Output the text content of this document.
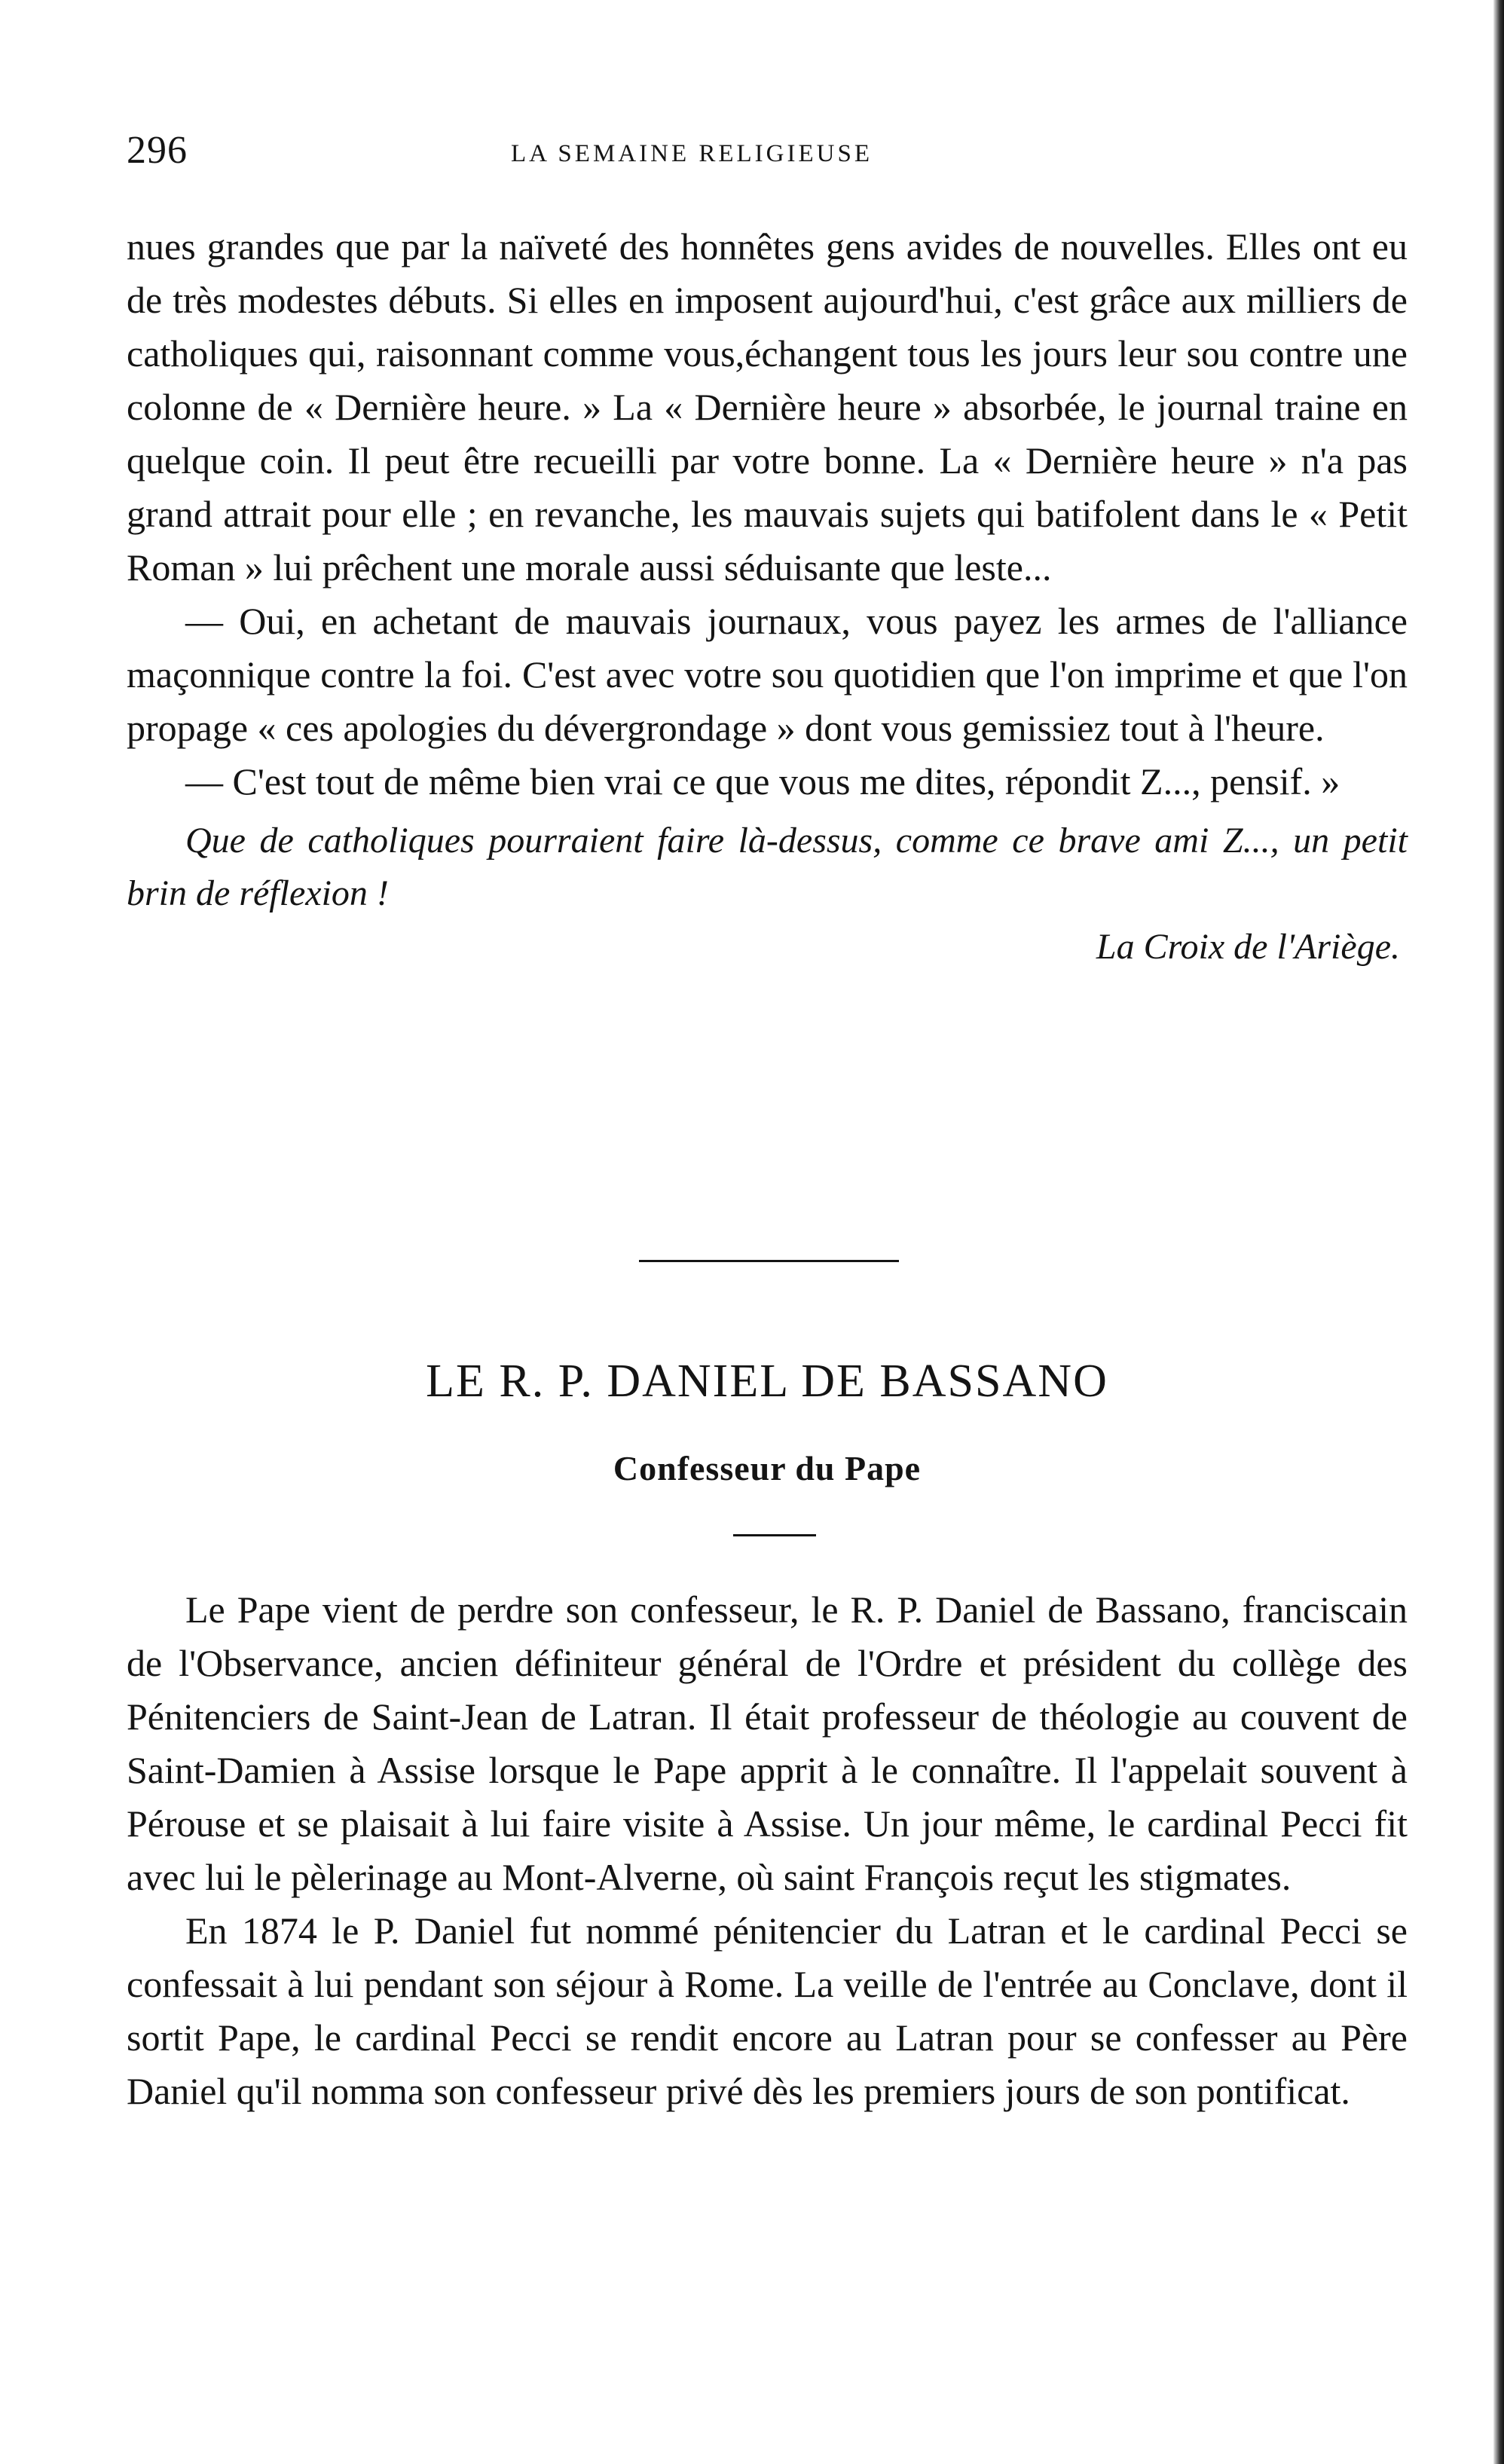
296	LA SEMAINE RELIGIEUSE

nues grandes que par la naïveté des honnêtes gens avides de nouvelles. Elles ont eu de très modestes débuts. Si elles en imposent aujourd'hui, c'est grâce aux milliers de catholiques qui, raisonnant comme vous,échangent tous les jours leur sou contre une colonne de « Dernière heure. » La « Dernière heure » absorbée, le journal traine en quelque coin. Il peut être recueilli par votre bonne. La « Dernière heure » n'a pas grand attrait pour elle ; en revanche, les mauvais sujets qui batifolent dans le « Petit Roman » lui prêchent une morale aussi séduisante que leste...

— Oui, en achetant de mauvais journaux, vous payez les armes de l'alliance maçonnique contre la foi. C'est avec votre sou quotidien que l'on imprime et que l'on propage « ces apologies du dévergrondage » dont vous gemissiez tout à l'heure.

— C'est tout de même bien vrai ce que vous me dites, répondit Z..., pensif. »

Que de catholiques pourraient faire là-dessus, comme ce brave ami Z..., un petit brin de réflexion !

La Croix de l'Ariège.

LE R. P. DANIEL DE BASSANO
Confesseur du Pape

Le Pape vient de perdre son confesseur, le R. P. Daniel de Bassano, franciscain de l'Observance, ancien définiteur général de l'Ordre et président du collège des Pénitenciers de Saint-Jean de Latran. Il était professeur de théologie au couvent de Saint-Damien à Assise lorsque le Pape apprit à le connaître. Il l'appelait souvent à Pérouse et se plaisait à lui faire visite à Assise. Un jour même, le cardinal Pecci fit avec lui le pèlerinage au Mont-Alverne, où saint François reçut les stigmates.

En 1874 le P. Daniel fut nommé pénitencier du Latran et le cardinal Pecci se confessait à lui pendant son séjour à Rome. La veille de l'entrée au Conclave, dont il sortit Pape, le cardinal Pecci se rendit encore au Latran pour se confesser au Père Daniel qu'il nomma son confesseur privé dès les premiers jours de son pontificat.
